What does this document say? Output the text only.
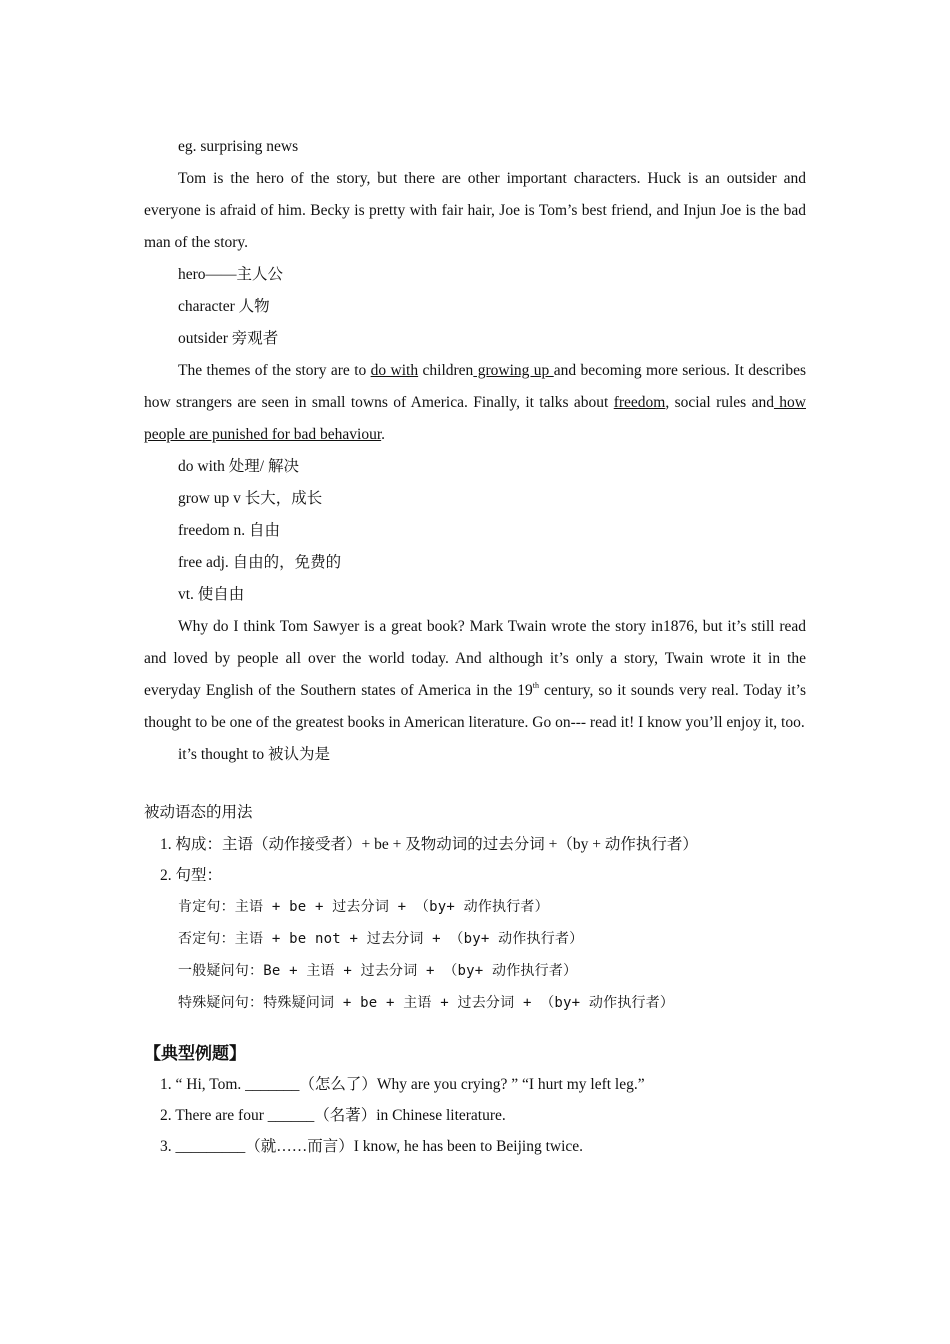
eg. surprising news

Tom is the hero of the story, but there are other important characters. Huck is an outsider and everyone is afraid of him. Becky is pretty with fair hair, Joe is Tom’s best friend, and Injun Joe is the bad man of the story.

hero——主人公
character 人物
outsider 旁观者

The themes of the story are to do with children growing up and becoming more serious. It describes how strangers are seen in small towns of America. Finally, it talks about freedom, social rules and how people are punished for bad behaviour.

do with 处理/ 解决
grow up v 长大，成长
freedom n. 自由
free adj. 自由的，免费的
vt. 使自由

Why do I think Tom Sawyer is a great book? Mark Twain wrote the story in1876, but it’s still read and loved by people all over the world today. And although it’s only a story, Twain wrote it in the everyday English of the Southern states of America in the 19th century, so it sounds very real. Today it’s thought to be one of the greatest books in American literature. Go on--- read it! I know you’ll enjoy it, too.

it’s thought to 被认为是
被动语态的用法
1. 构成：主语（动作接受者）+ be + 及物动词的过去分词 +（by + 动作执行者）
2. 句型：
肯定句：主语 + be + 过去分词 + （by+ 动作执行者）
否定句：主语 + be not + 过去分词 + （by+ 动作执行者）
一般疑问句：Be + 主语 + 过去分词 + （by+ 动作执行者）
特殊疑问句：特殊疑问词 + be + 主语 + 过去分词 + （by+ 动作执行者）
【典型例题】
1. “ Hi, Tom. _______（怎么了）Why are you crying? ” “I hurt my left leg.”
2. There are four ______（名著）in Chinese literature.
3. _________（就……而言）I know, he has been to Beijing twice.
